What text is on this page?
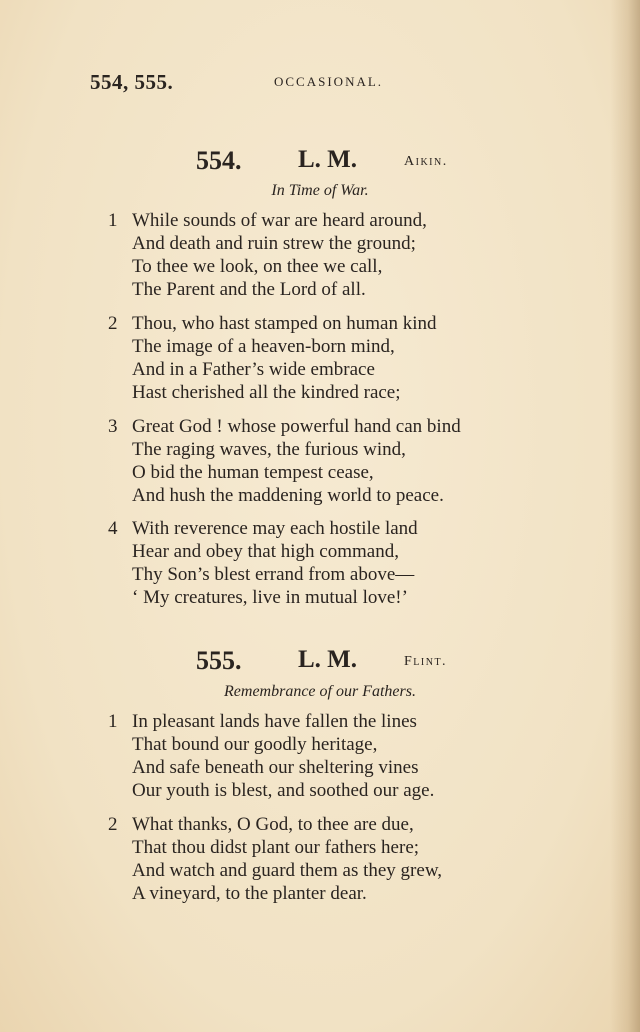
554, 555.	OCCASIONAL.
554. L. M.	Aikin.
In Time of War.
1 While sounds of war are heard around,
And death and ruin strew the ground;
To thee we look, on thee we call,
The Parent and the Lord of all.
2 Thou, who hast stamped on human kind
The image of a heaven-born mind,
And in a Father’s wide embrace
Hast cherished all the kindred race;
3 Great God ! whose powerful hand can bind
The raging waves, the furious wind,
O bid the human tempest cease,
And hush the maddening world to peace.
4 With reverence may each hostile land
Hear and obey that high command,
Thy Son’s blest errand from above—
‘ My creatures, live in mutual love!’
555. L. M.	Flint.
Remembrance of our Fathers.
1 In pleasant lands have fallen the lines
That bound our goodly heritage,
And safe beneath our sheltering vines
Our youth is blest, and soothed our age.
2 What thanks, O God, to thee are due,
That thou didst plant our fathers here;
And watch and guard them as they grew,
A vineyard, to the planter dear.
